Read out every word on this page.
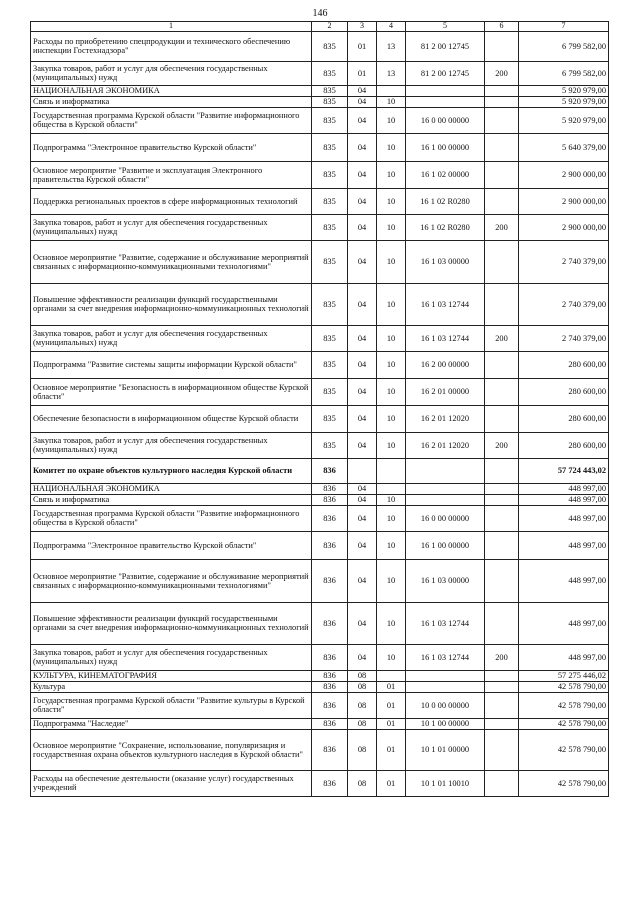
146
1	2	3	4	5	6	7
Расходы по приобретению спецпродукции и технического обеспечению инспекции Гостехнадзора"	835	01	13	81 2 00 12745		6 799 582,00
Закупка товаров, работ и услуг для обеспечения государственных (муниципальных) нужд	835	01	13	81 2 00 12745	200	6 799 582,00
НАЦИОНАЛЬНАЯ ЭКОНОМИКА	835	04				5 920 979,00
Связь и информатика	835	04	10			5 920 979,00
Государственная программа Курской области "Развитие информационного общества в Курской области"	835	04	10	16 0 00 00000		5 920 979,00
Подпрограмма "Электронное правительство Курской области"	835	04	10	16 1 00 00000		5 640 379,00
Основное мероприятие "Развитие и эксплуатация Электронного правительства Курской области"	835	04	10	16 1 02 00000		2 900 000,00
Поддержка региональных проектов в сфере информационных технологий	835	04	10	16 1 02 R0280		2 900 000,00
Закупка товаров, работ и услуг для обеспечения государственных (муниципальных) нужд	835	04	10	16 1 02 R0280	200	2 900 000,00
Основное мероприятие "Развитие, содержание и обслуживание мероприятий связанных с информационно-коммуникационными технологиями"	835	04	10	16 1 03 00000		2 740 379,00
Повышение эффективности реализации функций государственными органами за счет внедрения информационно-коммуникационных технологий	835	04	10	16 1 03 12744		2 740 379,00
Закупка товаров, работ и услуг для обеспечения государственных (муниципальных) нужд	835	04	10	16 1 03 12744	200	2 740 379,00
Подпрограмма "Развитие системы защиты информации Курской области"	835	04	10	16 2 00 00000		280 600,00
Основное мероприятие "Безопасность в информационном обществе Курской области"	835	04	10	16 2 01 00000		280 600,00
Обеспечение безопасности в информационном обществе Курской области	835	04	10	16 2 01 12020		280 600,00
Закупка товаров, работ и услуг для обеспечения государственных (муниципальных) нужд	835	04	10	16 2 01 12020	200	280 600,00
Комитет по охране объектов культурного наследия Курской области	836					57 724 443,02
НАЦИОНАЛЬНАЯ ЭКОНОМИКА	836	04				448 997,00
Связь и информатика	836	04	10			448 997,00
Государственная программа Курской области "Развитие информационного общества в Курской области"	836	04	10	16 0 00 00000		448 997,00
Подпрограмма "Электронное правительство Курской области"	836	04	10	16 1 00 00000		448 997,00
Основное мероприятие "Развитие, содержание и обслуживание мероприятий связанных с информационно-коммуникационными технологиями"	836	04	10	16 1 03 00000		448 997,00
Повышение эффективности реализации функций государственными органами за счет внедрения информационно-коммуникационных технологий	836	04	10	16 1 03 12744		448 997,00
Закупка товаров, работ и услуг для обеспечения государственных (муниципальных) нужд	836	04	10	16 1 03 12744	200	448 997,00
КУЛЬТУРА, КИНЕМАТОГРАФИЯ	836	08				57 275 446,02
Культура	836	08	01			42 578 790,00
Государственная программа Курской области "Развитие культуры в Курской области"	836	08	01	10 0 00 00000		42 578 790,00
Подпрограмма "Наследие"	836	08	01	10 1 00 00000		42 578 790,00
Основное мероприятие "Сохранение, использование, популяризация и государственная охрана объектов культурного наследия в Курской области"	836	08	01	10 1 01 00000		42 578 790,00
Расходы на обеспечение деятельности (оказание услуг) государственных учреждений	836	08	01	10 1 01 10010		42 578 790,00
